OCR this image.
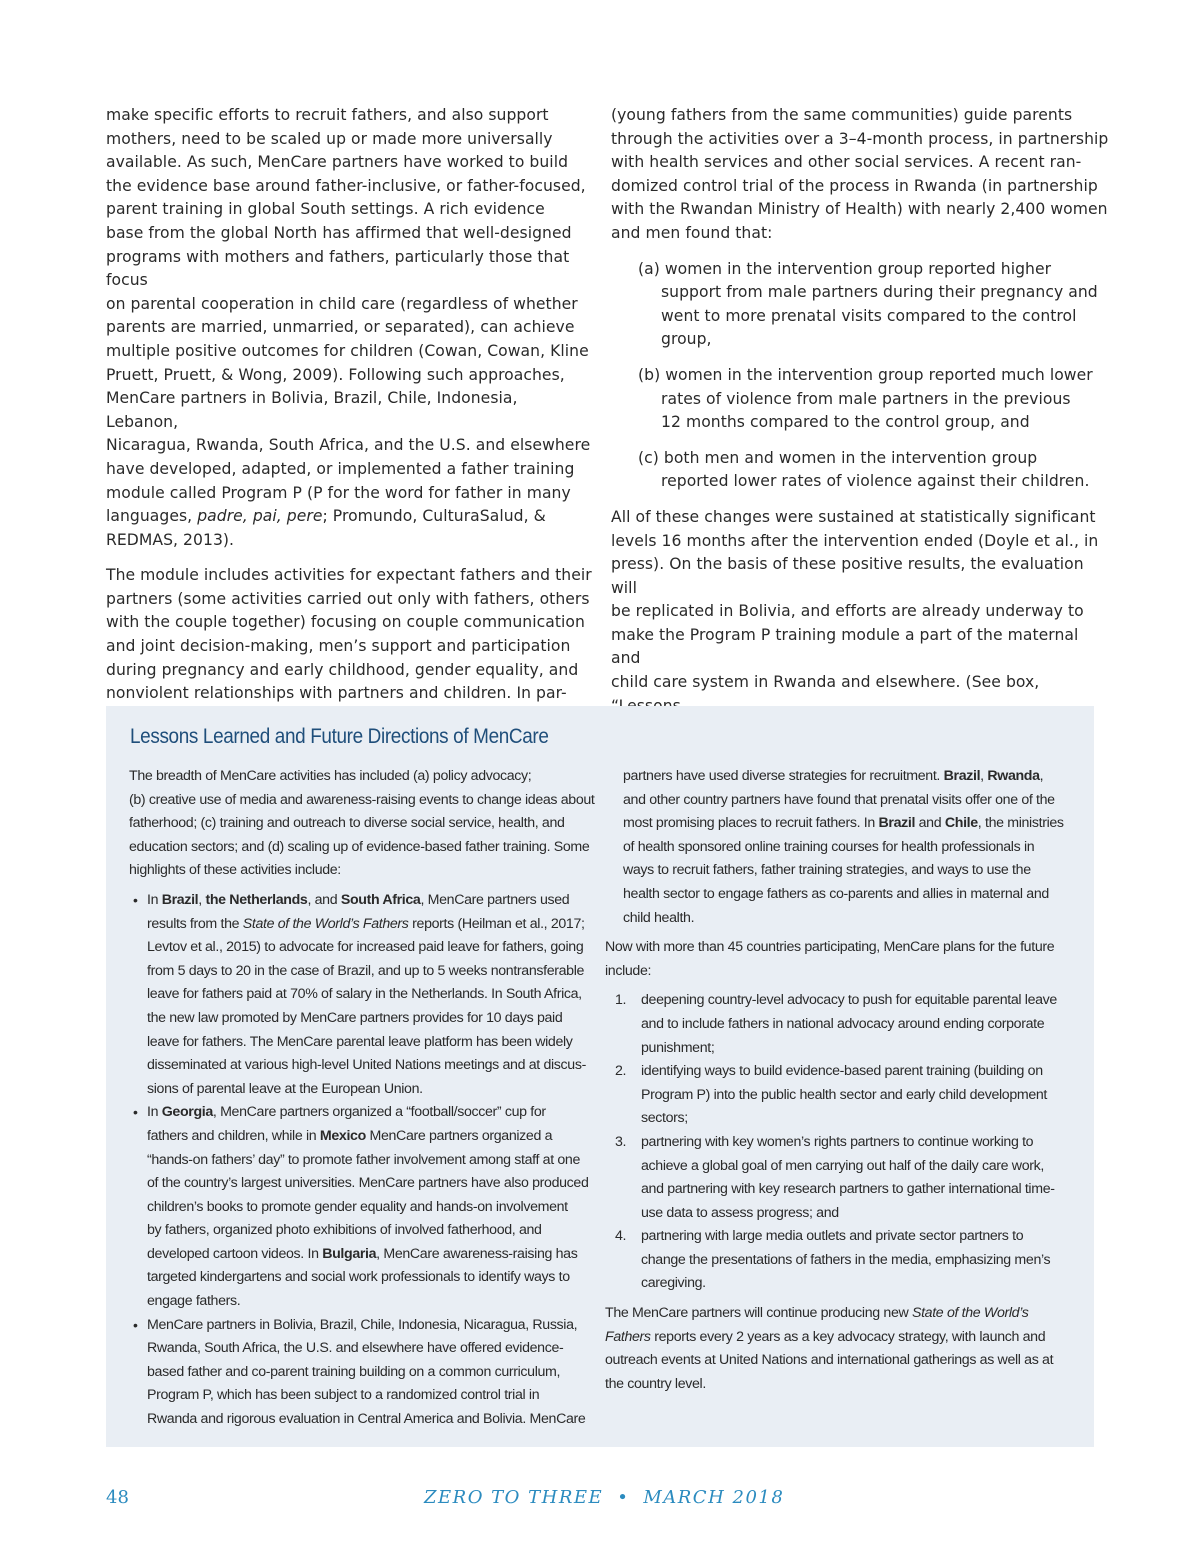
make specific efforts to recruit fathers, and also support
mothers, need to be scaled up or made more universally
available. As such, MenCare partners have worked to build
the evidence base around father-inclusive, or father-focused,
parent training in global South settings. A rich evidence
base from the global North has affirmed that well-designed
programs with mothers and fathers, particularly those that focus
on parental cooperation in child care (regardless of whether
parents are married, unmarried, or separated), can achieve
multiple positive outcomes for children (Cowan, Cowan, Kline
Pruett, Pruett, & Wong, 2009). Following such approaches,
MenCare partners in Bolivia, Brazil, Chile, Indonesia, Lebanon,
Nicaragua, Rwanda, South Africa, and the U.S. and elsewhere
have developed, adapted, or implemented a father training
module called Program P (P for the word for father in many
languages, padre, pai, pere; Promundo, CulturaSalud, &
REDMAS, 2013).

The module includes activities for expectant fathers and their
partners (some activities carried out only with fathers, others
with the couple together) focusing on couple communication
and joint decision-making, men’s support and participation
during pregnancy and early childhood, gender equality, and
nonviolent relationships with partners and children. In par-

(young fathers from the same communities) guide parents
through the activities over a 3–4-month process, in partnership
with health services and other social services. A recent ran-
domized control trial of the process in Rwanda (in partnership
with the Rwandan Ministry of Health) with nearly 2,400 women
and men found that:

(a) women in the intervention group reported higher
support from male partners during their pregnancy and
went to more prenatal visits compared to the control
group,
(b) women in the intervention group reported much lower
rates of violence from male partners in the previous
12 months compared to the control group, and
(c) both men and women in the intervention group
reported lower rates of violence against their children.

All of these changes were sustained at statistically significant
levels 16 months after the intervention ended (Doyle et al., in
press). On the basis of these positive results, the evaluation will
be replicated in Bolivia, and efforts are already underway to
make the Program P training module a part of the maternal and
child care system in Rwanda and elsewhere. (See box,

Lessons Learned and Future Directions of MenCare

The breadth of MenCare activities has included (a) policy advocacy;
(b) creative use of media and awareness-raising events to change ideas about
fatherhood; (c) training and outreach to diverse social service, health, and
education sectors; and (d) scaling up of evidence-based father training. Some
highlights of these activities include:

• In Brazil, the Netherlands, and South Africa, MenCare partners used
results from the State of the World’s Fathers reports (Heilman et al., 2017;
Levtov et al., 2015) to advocate for increased paid leave for fathers, going
from 5 days to 20 in the case of Brazil, and up to 5 weeks nontransferable
leave for fathers paid at 70% of salary in the Netherlands. In South Africa,
the new law promoted by MenCare partners provides for 10 days paid
leave for fathers. The MenCare parental leave platform has been widely
disseminated at various high-level United Nations meetings and at discus-
sions of parental leave at the European Union.
• In Georgia, MenCare partners organized a “football/soccer” cup for
fathers and children, while in Mexico MenCare partners organized a
“hands-on fathers’ day” to promote father involvement among staff at one
of the country’s largest universities. MenCare partners have also produced
children’s books to promote gender equality and hands-on involvement
by fathers, organized photo exhibitions of involved fatherhood, and
developed cartoon videos. In Bulgaria, MenCare awareness-raising has
targeted kindergartens and social work professionals to identify ways to
engage fathers.
• MenCare partners in Bolivia, Brazil, Chile, Indonesia, Nicaragua, Russia,
Rwanda, South Africa, the U.S. and elsewhere have offered evidence-
based father and co-parent training building on a common curriculum,
Program P, which has been subject to a randomized control trial in
Rwanda and rigorous evaluation in Central America and Bolivia. MenCare

partners have used diverse strategies for recruitment. Brazil, Rwanda,
and other country partners have found that prenatal visits offer one of the
most promising places to recruit fathers. In Brazil and Chile, the ministries
of health sponsored online training courses for health professionals in
ways to recruit fathers, father training strategies, and ways to use the
health sector to engage fathers as co-parents and allies in maternal and
child health.

Now with more than 45 countries participating, MenCare plans for the future
include:

1. deepening country-level advocacy to push for equitable parental leave
and to include fathers in national advocacy around ending corporate
punishment;
2. identifying ways to build evidence-based parent training (building on
Program P) into the public health sector and early child development
sectors;
3. partnering with key women’s rights partners to continue working to
achieve a global goal of men carrying out half of the daily care work,
and partnering with key research partners to gather international time-
use data to assess progress; and
4. partnering with large media outlets and private sector partners to
change the presentations of fathers in the media, emphasizing men’s
caregiving.

The MenCare partners will continue producing new State of the World’s
Fathers reports every 2 years as a key advocacy strategy, with launch and
outreach events at United Nations and international gatherings as well as at
the country level.

48	ZERO TO THREE • MARCH 2018
